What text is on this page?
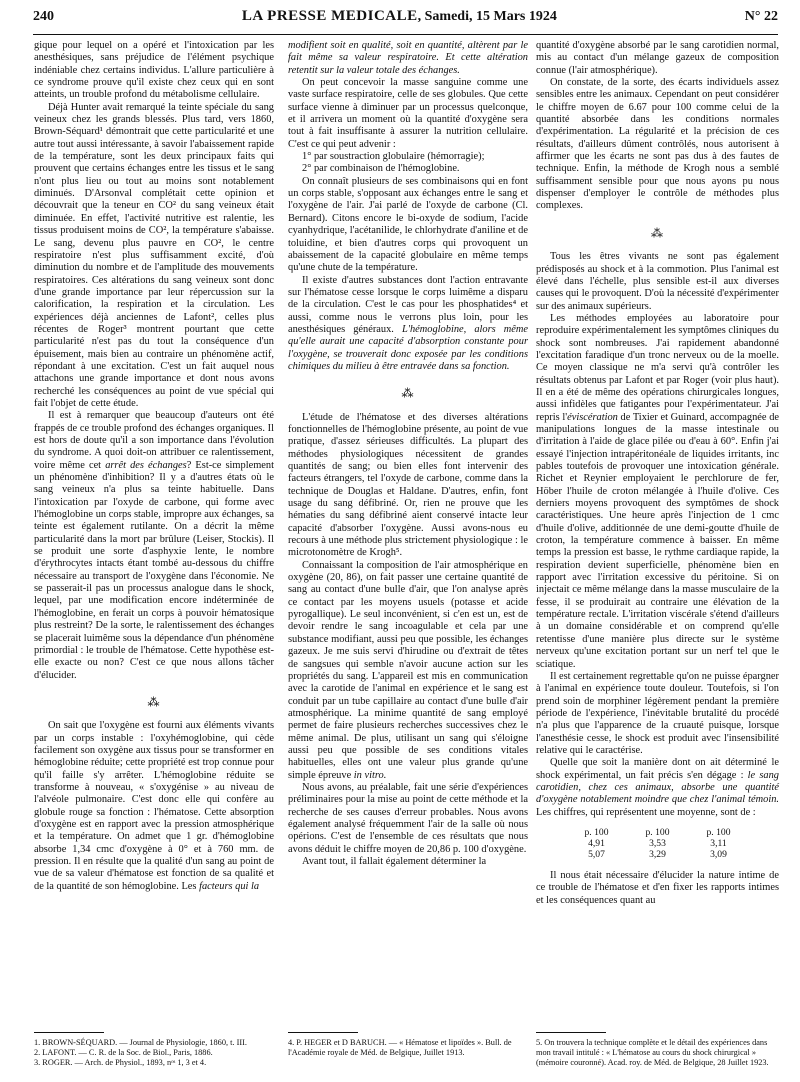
240	LA PRESSE MEDICALE, Samedi, 15 Mars 1924	N° 22

gique pour lequel on a opéré et l'intoxication par les anesthésiques, sans préjudice de l'élément psychique indéniable chez certains individus. L'allure particulière à ce syndrome prouve qu'il existe chez ceux qui en sont atteints, un trouble profond du métabolisme cellulaire.

Déjà Hunter avait remarqué la teinte spéciale du sang veineux chez les grands blessés. Plus tard, vers 1860, Brown-Séquard¹ démontrait que cette particularité et une autre tout aussi intéressante, à savoir l'abaissement rapide de la température, sont les deux principaux faits qui prouvent que certains échanges entre les tissus et le sang n'ont plus lieu ou tout au moins sont notablement diminués. D'Arsonval complétait cette opinion et découvrait que la teneur en CO² du sang veineux était diminuée. En effet, l'activité nutritive est ralentie, les tissus produisent moins de CO², la température s'abaisse. Le sang, devenu plus pauvre en CO², le centre respiratoire n'est plus suffisamment excité, d'où diminution du nombre et de l'amplitude des mouvements respiratoires. Ces altérations du sang veineux sont donc d'une grande importance par leur répercussion sur la calorification, la respiration et la circulation. Les expériences déjà anciennes de Lafont², celles plus récentes de Roger³ montrent pourtant que cette particularité n'est pas du tout la conséquence d'un épuisement, mais bien au contraire un phénomène actif, répondant à une excitation. C'est un fait auquel nous attachons une grande importance et dont nous avons recherché les conséquences au point de vue spécial qui fait l'objet de cette étude.

Il est à remarquer que beaucoup d'auteurs ont été frappés de ce trouble profond des échanges organiques. Il est hors de doute qu'il a son importance dans l'évolution du syndrome. A quoi doit-on attribuer ce ralentissement, voire même cet arrêt des échanges? Est-ce simplement un phénomène d'inhibition? Il y a d'autres états où le sang veineux n'a plus sa teinte habituelle. Dans l'intoxication par l'oxyde de carbone, qui forme avec l'hémoglobine un corps stable, impropre aux échanges, sa teinte est également rutilante. On a décrit la même particularité dans la mort par brûlure (Leiser, Stockis). Il se produit une sorte d'asphyxie lente, le nombre d'érythrocytes intacts étant tombé au-dessous du chiffre nécessaire au transport de l'oxygène dans l'économie. Ne se passerait-il pas un processus analogue dans le shock, lequel, par une modification encore indéterminée de l'hémoglobine, en ferait un corps à pouvoir hématosique plus restreint? De la sorte, le ralentissement des échanges se placerait luimême sous la dépendance d'un phénomène primordial : le trouble de l'hématose. Cette hypothèse est-elle exacte ou non? C'est ce que nous allons tâcher d'élucider.

⁂

On sait que l'oxygène est fourni aux éléments vivants par un corps instable : l'oxyhémoglobine, qui cède facilement son oxygène aux tissus pour se transformer en hémoglobine réduite; cette propriété est trop connue pour qu'il faille s'y arrêter. L'hémoglobine réduite se transforme à nouveau, « s'oxygénise » au niveau de l'alvéole pulmonaire. C'est donc elle qui confère au globule rouge sa fonction : l'hématose. Cette absorption d'oxygène est en rapport avec la pression atmosphérique et la température. On admet que 1 gr. d'hémoglobine absorbe 1,34 cmc d'oxygène à 0° et à 760 mm. de pression. Il en résulte que la qualité d'un sang au point de vue de sa valeur d'hématose est fonction de sa qualité et de la quantité de son hémoglobine. Les facteurs qui la

modifient soit en qualité, soit en quantité, altèrent par le fait même sa valeur respiratoire. Et cette altération retentit sur la valeur totale des échanges.

On peut concevoir la masse sanguine comme une vaste surface respiratoire, celle de ses globules. Que cette surface vienne à diminuer par un processus quelconque, et il arrivera un moment où la quantité d'oxygène sera tout à fait insuffisante à assurer la nutrition cellulaire. C'est ce qui peut advenir :

1° par soustraction globulaire (hémorragie);

2° par combinaison de l'hémoglobine.

On connaît plusieurs de ses combinaisons qui en font un corps stable, s'opposant aux échanges entre le sang et l'oxygène de l'air. J'ai parlé de l'oxyde de carbone (Cl. Bernard). Citons encore le bi-oxyde de sodium, l'acide cyanhydrique, l'acétanilide, le chlorhydrate d'aniline et de toluidine, et bien d'autres corps qui provoquent un abaissement de la capacité globulaire en même temps qu'une chute de la température.

Il existe d'autres substances dont l'action entravante sur l'hématose cesse lorsque le corps luimême a disparu de la circulation. C'est le cas pour les phosphatides⁴ et aussi, comme nous le verrons plus loin, pour les anesthésiques généraux. L'hémoglobine, alors même qu'elle aurait une capacité d'absorption constante pour l'oxygène, se trouverait donc exposée par les conditions chimiques du milieu à être entravée dans sa fonction.

⁂

L'étude de l'hématose et des diverses altérations fonctionnelles de l'hémoglobine présente, au point de vue pratique, d'assez sérieuses difficultés. La plupart des méthodes physiologiques nécessitent de grandes quantités de sang; ou bien elles font intervenir des facteurs étrangers, tel l'oxyde de carbone, comme dans la technique de Douglas et Haldane. D'autres, enfin, font usage du sang défibriné. Or, rien ne prouve que les hématies du sang défibriné aient conservé intacte leur capacité d'absorber l'oxygène. Aussi avons-nous eu recours à une méthode plus strictement physiologique : le microtonomètre de Krogh⁵.

Connaissant la composition de l'air atmosphérique en oxygène (20, 86), on fait passer une certaine quantité de sang au contact d'une bulle d'air, que l'on analyse après ce contact par les moyens usuels (potasse et acide pyrogallique). Le seul inconvénient, si c'en est un, est de devoir rendre le sang incoagulable et cela par une substance modifiant, aussi peu que possible, les échanges gazeux. Je me suis servi d'hirudine ou d'extrait de têtes de sangsues qui semble n'avoir aucune action sur les propriétés du sang. L'appareil est mis en communication avec la carotide de l'animal en expérience et le sang est conduit par un tube capillaire au contact d'une bulle d'air atmosphérique. La minime quantité de sang employé permet de faire plusieurs recherches successives chez le même animal. De plus, utilisant un sang qui s'éloigne aussi peu que possible de ses conditions vitales habituelles, elles ont une valeur plus grande qu'une simple épreuve in vitro.

Nous avons, au préalable, fait une série d'expériences préliminaires pour la mise au point de cette méthode et la recherche de ses causes d'erreur probables. Nous avons également analysé fréquemment l'air de la salle où nous opérions. C'est de l'ensemble de ces résultats que nous avons déduit le chiffre moyen de 20,86 p. 100 d'oxygène.

Avant tout, il fallait également déterminer la

quantité d'oxygène absorbé par le sang carotidien normal, mis au contact d'un mélange gazeux de composition connue (l'air atmosphérique).

On constate, de la sorte, des écarts individuels assez sensibles entre les animaux. Cependant on peut considérer le chiffre moyen de 6.67 pour 100 comme celui de la quantité absorbée dans les conditions normales d'expérimentation. La régularité et la précision de ces résultats, d'ailleurs dûment contrôlés, nous autorisent à affirmer que les écarts ne sont pas dus à des fautes de technique. Enfin, la méthode de Krogh nous a semblé suffisamment sensible pour que nous ayons pu nous dispenser d'employer le contrôle de méthodes plus complexes.

⁂

Tous les êtres vivants ne sont pas également prédisposés au shock et à la commotion. Plus l'animal est élevé dans l'échelle, plus sensible est-il aux diverses causes qui le provoquent. D'où la nécessité d'expérimenter sur des animaux supérieurs.

Les méthodes employées au laboratoire pour reproduire expérimentalement les symptômes cliniques du shock sont nombreuses. J'ai rapidement abandonné l'excitation faradique d'un tronc nerveux ou de la moelle. Ce moyen classique ne m'a servi qu'à contrôler les résultats obtenus par Lafont et par Roger (voir plus haut). Il en a été de même des opérations chirurgicales longues, aussi infidèles que fatigantes pour l'expérimentateur. J'ai repris l'éviscération de Tixier et Guinard, accompagnée de manipulations longues de la masse intestinale ou d'irritation à l'aide de glace pilée ou d'eau à 60°. Enfin j'ai essayé l'injection intrapéritonéale de liquides irritants, inc pables toutefois de provoquer une intoxication générale. Richet et Reynier employaient le perchlorure de fer, Höber l'huile de croton mélangée à l'huile d'olive. Ces derniers moyens provoquent des symptômes de shock caractéristiques. Une heure après l'injection de 1 cmc d'huile d'olive, additionnée de une demi-goutte d'huile de croton, la température commence à baisser. En même temps la pression est basse, le rythme cardiaque rapide, la respiration devient superficielle, phénomène bien en rapport avec l'irritation excessive du péritoine. Si on injectait ce même mélange dans la masse musculaire de la fesse, il se produirait au contraire une élévation de la température rectale. L'irritation viscérale s'étend d'ailleurs à un domaine considérable et on comprend qu'elle retentisse d'une manière plus directe sur le système nerveux qu'une excitation portant sur un nerf tel que le sciatique.

Il est certainement regrettable qu'on ne puisse épargner à l'animal en expérience toute douleur. Toutefois, si l'on prend soin de morphiner légèrement pendant la première période de l'expérience, l'inévitable brutalité du procédé n'a plus que l'apparence de la cruauté puisque, lorsque l'anesthésie cesse, le shock est produit avec l'insensibilité relative qui le caractérise.

Quelle que soit la manière dont on ait déterminé le shock expérimental, un fait précis s'en dégage : le sang carotidien, chez ces animaux, absorbe une quantité d'oxygène notablement moindre que chez l'animal témoin. Les chiffres, qui représentent une moyenne, sont de :

p. 100
4,91
5,07
p. 100
3,53
3,29
p. 100
3,11
3,09

Il nous était nécessaire d'élucider la nature intime de ce trouble de l'hématose et d'en fixer les rapports intimes et les conséquences quant au

1. BROWN-SÉQUARD. — Journal de Physiologie, 1860, t. III.
2. LAFONT. — C. R. de la Soc. de Biol., Paris, 1886.
3. ROGER. — Arch. de Physiol., 1893, nᵒˢ 1, 3 et 4.
4. P. HEGER et D BARUCH. — « Hématose et lipoïdes ». Bull. de l'Académie royale de Méd. de Belgique, Juillet 1913.
5. On trouvera la technique complète et le détail des expériences dans mon travail intitulé : « L'hématose au cours du shock chirurgical » (mémoire couronné). Acad. roy. de Méd. de Belgique, 28 Juillet 1923.
